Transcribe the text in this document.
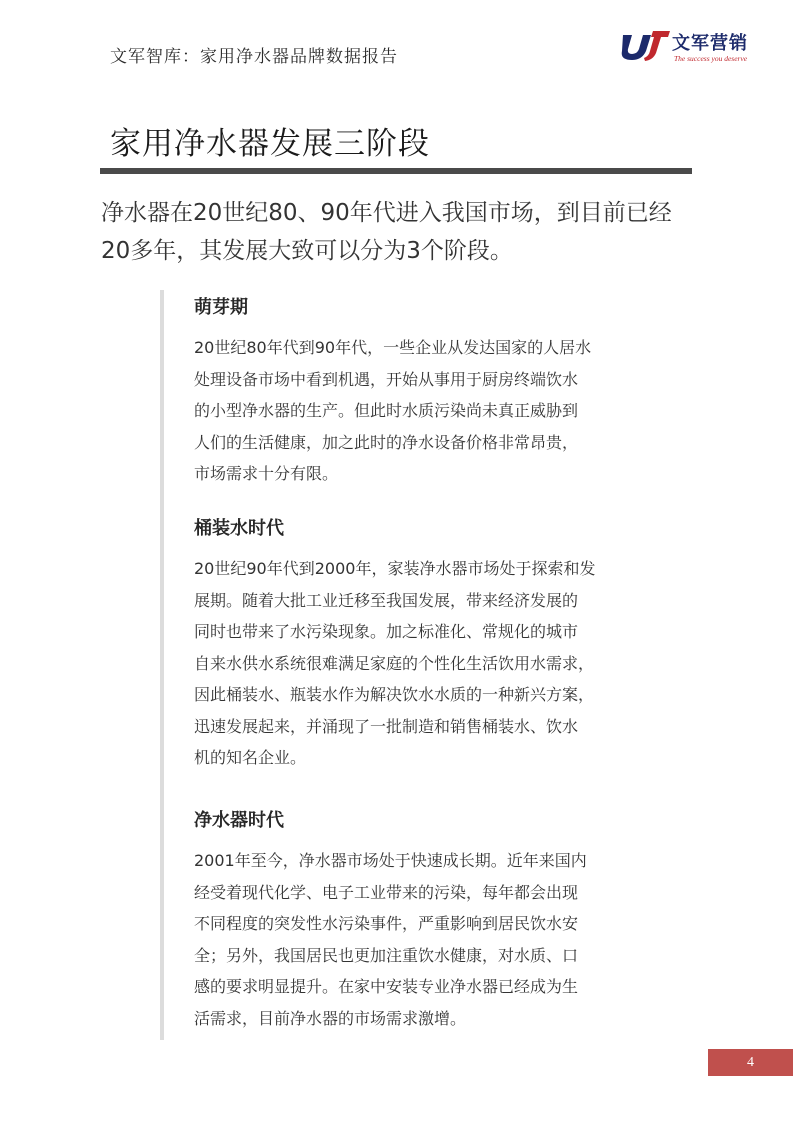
文军智库：家用净水器品牌数据报告
文军营销
The success you deserve
家用净水器发展三阶段

净水器在20世纪80、90年代进入我国市场，到目前已经

20多年，其发展大致可以分为3个阶段。

萌芽期

20世纪80年代到90年代，一些企业从发达国家的人居水

处理设备市场中看到机遇，开始从事用于厨房终端饮水

的小型净水器的生产。但此时水质污染尚未真正威胁到

人们的生活健康，加之此时的净水设备价格非常昂贵，

市场需求十分有限。

桶装水时代

20世纪90年代到2000年，家装净水器市场处于探索和发

展期。随着大批工业迁移至我国发展，带来经济发展的

同时也带来了水污染现象。加之标准化、常规化的城市

自来水供水系统很难满足家庭的个性化生活饮用水需求，

因此桶装水、瓶装水作为解决饮水水质的一种新兴方案，

迅速发展起来，并涌现了一批制造和销售桶装水、饮水

机的知名企业。

净水器时代

2001年至今，净水器市场处于快速成长期。近年来国内

经受着现代化学、电子工业带来的污染，每年都会出现

不同程度的突发性水污染事件，严重影响到居民饮水安

全；另外，我国居民也更加注重饮水健康，对水质、口

感的要求明显提升。在家中安装专业净水器已经成为生

活需求，目前净水器的市场需求激增。

4
